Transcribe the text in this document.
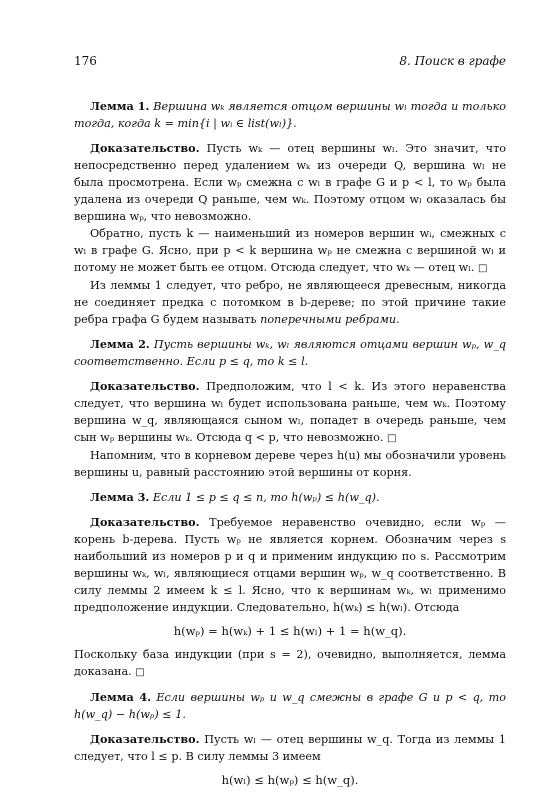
176	8. Поиск в графе

Лемма 1. Вершина wₖ является отцом вершины wₗ тогда и только тогда, когда k = min{i | wᵢ ∈ list(wₗ)}.

Доказательство. Пусть wₖ — отец вершины wₗ. Это значит, что непосредственно перед удалением wₖ из очереди Q, вершина wₗ не была просмотрена. Если wₚ смежна с wₗ в графе G и p < l, то wₚ была удалена из очереди Q раньше, чем wₖ. Поэтому отцом wₗ оказалась бы вершина wₚ, что невозможно.

Обратно, пусть k — наименьший из номеров вершин wᵢ, смежных с wₗ в графе G. Ясно, при p < k вершина wₚ не смежна с вершиной wₗ и потому не может быть ее отцом. Отсюда следует, что wₖ — отец wₗ. □

Из леммы 1 следует, что ребро, не являющееся древесным, никогда не соединяет предка с потомком в b-дереве; по этой причине такие ребра графа G будем называть поперечными ребрами.

Лемма 2. Пусть вершины wₖ, wₗ являются отцами вершин wₚ, w_q соответственно. Если p ≤ q, то k ≤ l.

Доказательство. Предположим, что l < k. Из этого неравенства следует, что вершина wₗ будет использована раньше, чем wₖ. Поэтому вершина w_q, являющаяся сыном wₗ, попадет в очередь раньше, чем сын wₚ вершины wₖ. Отсюда q < p, что невозможно. □

Напомним, что в корневом дереве через h(u) мы обозначили уровень вершины u, равный расстоянию этой вершины от корня.

Лемма 3. Если 1 ≤ p ≤ q ≤ n, то h(wₚ) ≤ h(w_q).

Доказательство. Требуемое неравенство очевидно, если wₚ — корень b-дерева. Пусть wₚ не является корнем. Обозначим через s наибольший из номеров p и q и применим индукцию по s. Рассмотрим вершины wₖ, wₗ, являющиеся отцами вершин wₚ, w_q соответственно. В силу леммы 2 имеем k ≤ l. Ясно, что к вершинам wₖ, wₗ применимо предположение индукции. Следовательно, h(wₖ) ≤ h(wₗ). Отсюда

h(wₚ) = h(wₖ) + 1 ≤ h(wₗ) + 1 = h(w_q).

Поскольку база индукции (при s = 2), очевидно, выполняется, лемма доказана. □

Лемма 4. Если вершины wₚ и w_q смежны в графе G и p < q, то h(w_q) − h(wₚ) ≤ 1.

Доказательство. Пусть wₗ — отец вершины w_q. Тогда из леммы 1 следует, что l ≤ p. В силу леммы 3 имеем

h(wₗ) ≤ h(wₚ) ≤ h(w_q).
